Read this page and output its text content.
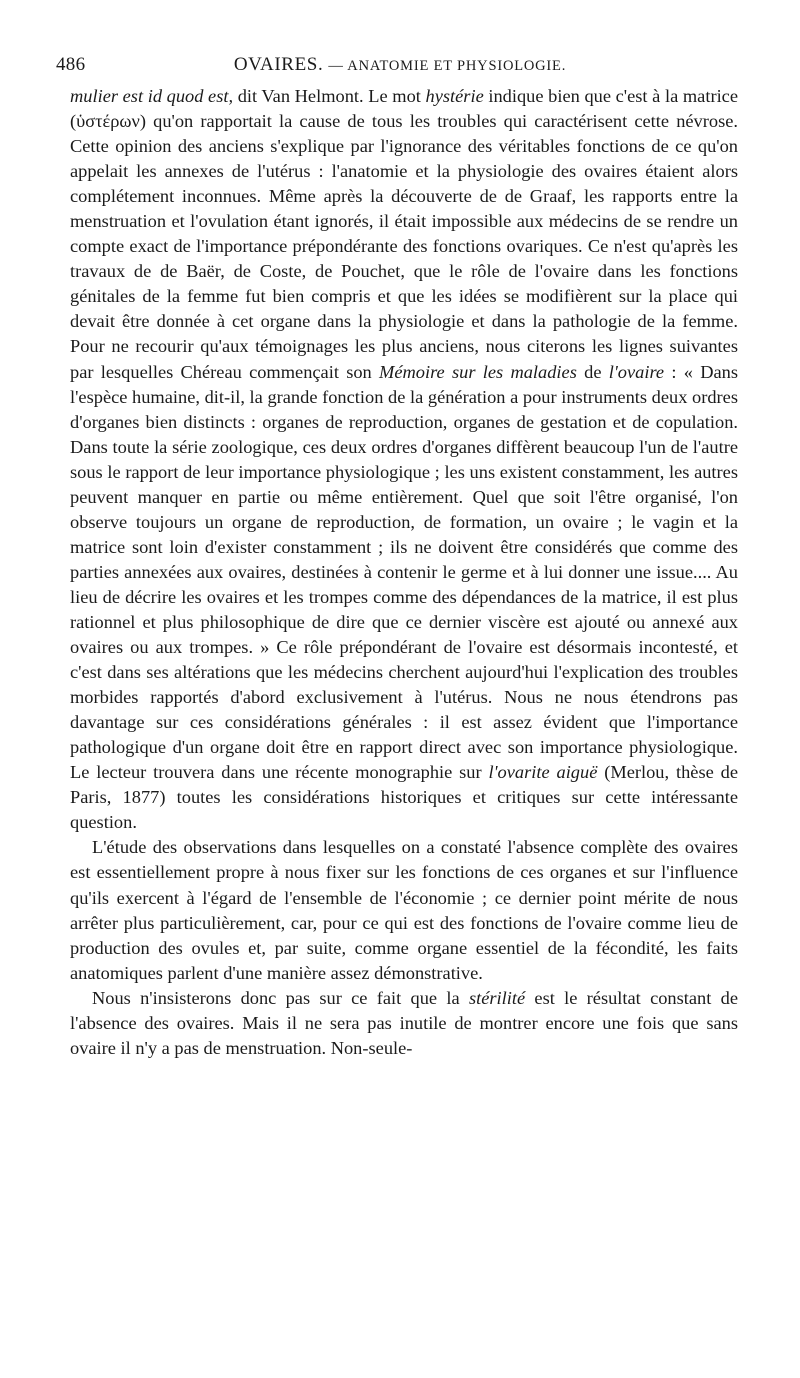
486	OVAIRES. — ANATOMIE ET PHYSIOLOGIE.

mulier est id quod est, dit Van Helmont. Le mot hystérie indique bien que c'est à la matrice (ὑστέρων) qu'on rapportait la cause de tous les troubles qui caractérisent cette névrose. Cette opinion des anciens s'explique par l'ignorance des véritables fonctions de ce qu'on appelait les annexes de l'utérus : l'anatomie et la physiologie des ovaires étaient alors complétement inconnues. Même après la découverte de de Graaf, les rapports entre la menstruation et l'ovulation étant ignorés, il était impossible aux médecins de se rendre un compte exact de l'importance prépondérante des fonctions ovariques. Ce n'est qu'après les travaux de de Baër, de Coste, de Pouchet, que le rôle de l'ovaire dans les fonctions génitales de la femme fut bien compris et que les idées se modifièrent sur la place qui devait être donnée à cet organe dans la physiologie et dans la pathologie de la femme. Pour ne recourir qu'aux témoignages les plus anciens, nous citerons les lignes suivantes par lesquelles Chéreau commençait son Mémoire sur les maladies de l'ovaire : « Dans l'espèce humaine, dit-il, la grande fonction de la génération a pour instruments deux ordres d'organes bien distincts : organes de reproduction, organes de gestation et de copulation. Dans toute la série zoologique, ces deux ordres d'organes diffèrent beaucoup l'un de l'autre sous le rapport de leur importance physiologique ; les uns existent constamment, les autres peuvent manquer en partie ou même entièrement. Quel que soit l'être organisé, l'on observe toujours un organe de reproduction, de formation, un ovaire ; le vagin et la matrice sont loin d'exister constamment ; ils ne doivent être considérés que comme des parties annexées aux ovaires, destinées à contenir le germe et à lui donner une issue.... Au lieu de décrire les ovaires et les trompes comme des dépendances de la matrice, il est plus rationnel et plus philosophique de dire que ce dernier viscère est ajouté ou annexé aux ovaires ou aux trompes. » Ce rôle prépondérant de l'ovaire est désormais incontesté, et c'est dans ses altérations que les médecins cherchent aujourd'hui l'explication des troubles morbides rapportés d'abord exclusivement à l'utérus. Nous ne nous étendrons pas davantage sur ces considérations générales : il est assez évident que l'importance pathologique d'un organe doit être en rapport direct avec son importance physiologique. Le lecteur trouvera dans une récente monographie sur l'ovarite aiguë (Merlou, thèse de Paris, 1877) toutes les considérations historiques et critiques sur cette intéressante question.

L'étude des observations dans lesquelles on a constaté l'absence complète des ovaires est essentiellement propre à nous fixer sur les fonctions de ces organes et sur l'influence qu'ils exercent à l'égard de l'ensemble de l'économie ; ce dernier point mérite de nous arrêter plus particulièrement, car, pour ce qui est des fonctions de l'ovaire comme lieu de production des ovules et, par suite, comme organe essentiel de la fécondité, les faits anatomiques parlent d'une manière assez démonstrative.

Nous n'insisterons donc pas sur ce fait que la stérilité est le résultat constant de l'absence des ovaires. Mais il ne sera pas inutile de montrer encore une fois que sans ovaire il n'y a pas de menstruation. Non-seule-
